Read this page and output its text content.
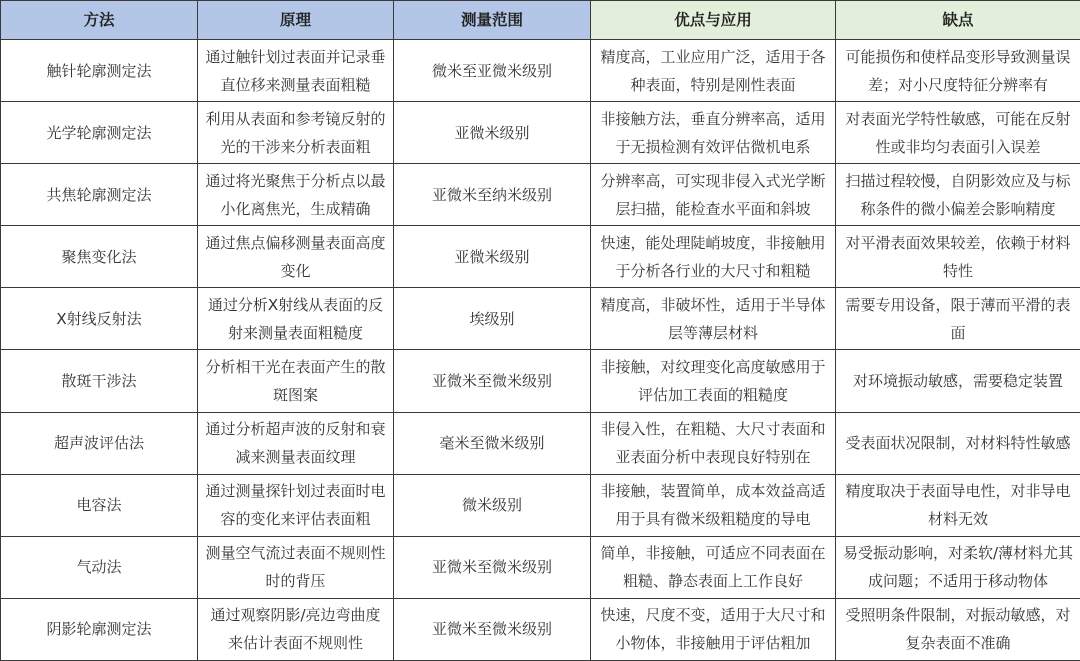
方法	原理	测量范围	优点与应用	缺点
触针轮廓测定法	通过触针划过表面并记录垂直位移来测量表面粗糙	微米至亚微米级别	精度高，工业应用广泛，适用于各种表面，特别是刚性表面	可能损伤和使样品变形导致测量误差；对小尺度特征分辨率有

光学轮廓测定法	利用从表面和参考镜反射的光的干涉来分析表面粗	亚微米级别	非接触方法，垂直分辨率高，适用于无损检测有效评估微机电系	对表面光学特性敏感，可能在反射性或非均匀表面引入误差

共焦轮廓测定法	通过将光聚焦于分析点以最小化离焦光，生成精确	亚微米至纳米级别	分辨率高，可实现非侵入式光学断层扫描，能检查水平面和斜坡	扫描过程较慢，自阴影效应及与标称条件的微小偏差会影响精度

聚焦变化法	通过焦点偏移测量表面高度变化	亚微米级别	快速，能处理陡峭坡度，非接触用于分析各行业的大尺寸和粗糙	对平滑表面效果较差，依赖于材料特性

X射线反射法	通过分析X射线从表面的反射来测量表面粗糙度	埃级别	精度高，非破坏性，适用于半导体层等薄层材料	需要专用设备，限于薄而平滑的表面

散斑干涉法	分析相干光在表面产生的散斑图案	亚微米至微米级别	非接触，对纹理变化高度敏感用于评估加工表面的粗糙度	对环境振动敏感，需要稳定装置

超声波评估法	通过分析超声波的反射和衰减来测量表面纹理	毫米至微米级别	非侵入性，在粗糙、大尺寸表面和亚表面分析中表现良好特别在	受表面状况限制，对材料特性敏感

电容法	通过测量探针划过表面时电容的变化来评估表面粗	微米级别	非接触，装置简单，成本效益高适用于具有微米级粗糙度的导电	精度取决于表面导电性，对非导电材料无效

气动法	测量空气流过表面不规则性时的背压	亚微米至微米级别	简单，非接触，可适应不同表面在粗糙、静态表面上工作良好	易受振动影响，对柔软/薄材料尤其成问题；不适用于移动物体

阴影轮廓测定法	通过观察阴影/亮边弯曲度来估计表面不规则性	亚微米至微米级别	快速，尺度不变，适用于大尺寸和小物体，非接触用于评估粗加	受照明条件限制，对振动敏感，对复杂表面不准确
